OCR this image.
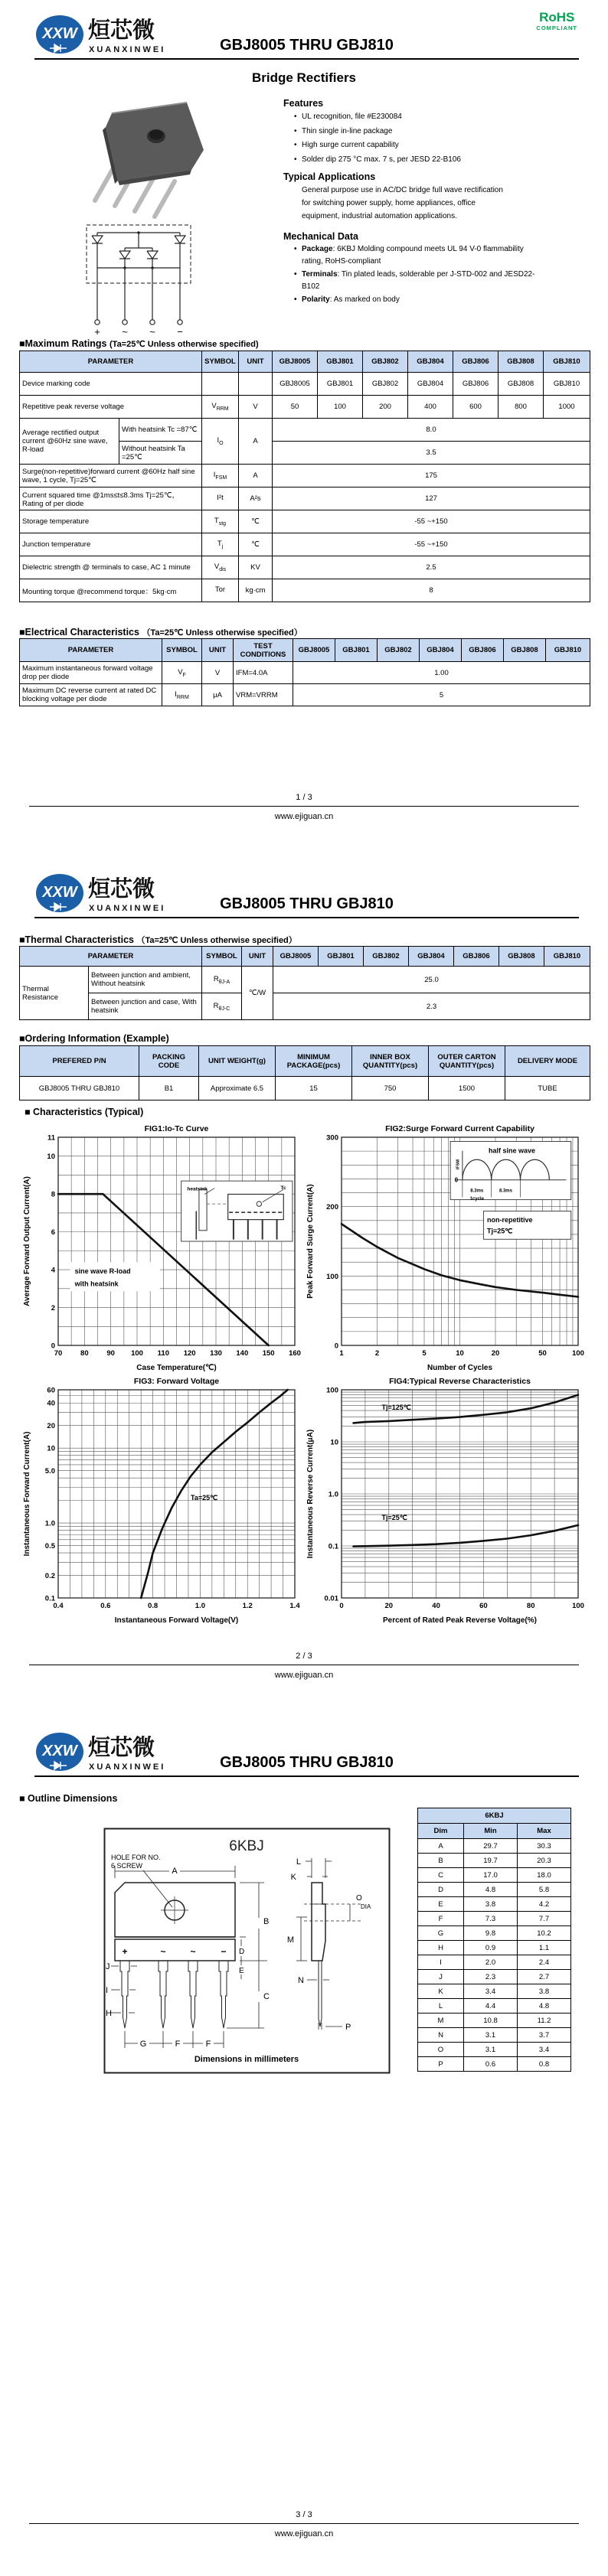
XXW 烜芯微
XUANXINWEI	GBJ8005 THRU GBJ810
RoHS
COMPLIANT
Bridge Rectifiers
+ ~ ~ −
Features
• UL recognition, file #E230084
• Thin single in-line package
• High surge current capability
• Solder dip 275 °C max. 7 s, per JESD 22-B106
Typical Applications
General purpose use in AC/DC bridge full wave rectification
for switching power supply, home appliances, office
equipment, industrial automation applications.
Mechanical Data
• Package: 6KBJ Molding compound meets UL 94 V-0 flammability rating, RoHS-compliant
• Terminals: Tin plated leads, solderable per J-STD-002 and JESD22-B102
• Polarity: As marked on body
■Maximum Ratings (Ta=25℃ Unless otherwise specified)
PARAMETER		SYMBOL	UNIT	GBJ8005	GBJ801	GBJ802	GBJ804	GBJ806	GBJ808	GBJ810
Device marking code				GBJ8005	GBJ801	GBJ802	GBJ804	GBJ806	GBJ808	GBJ810
Repetitive peak reverse voltage		$V_{RRM}$	V	50	100	200	400	600	800	1000
Average rectified output current @60Hz sine wave, R-load	With heatsink Tc =87℃	$I_O$	A	8.0						
	Without heatsink Ta =25℃			3.5						
Surge(non-repetitive)forward current @60Hz half sine wave, 1 cycle, Tj=25℃		$I_{FSM}$	A	175						
Current squared time @1ms≤t≤8.3ms Tj=25℃，Rating of per diode		I²t	A²s	127						
Storage temperature		$T_{stg}$	℃	-55 ~+150						
Junction temperature		$T_j$	℃	-55 ~+150						
Dielectric strength @ terminals to case, AC 1 minute		$V_{dis}$	KV	2.5						
Mounting torque @recommend torque：5kg·cm		Tor	kg·cm	8						
■Electrical Characteristics （Ta=25℃ Unless otherwise specified）
PARAMETER	SYMBOL	UNIT	TEST CONDITIONS	GBJ8005	GBJ801	GBJ802	GBJ804	GBJ806	GBJ808	GBJ810
Maximum instantaneous forward voltage drop per diode	$V_F$	V	IFM=4.0A	1.00						
Maximum DC reverse current at rated DC blocking voltage per diode	$I_{RRM}$	μA	VRM=VRRM	5						
1 / 3
www.ejiguan.cn
XXW 烜芯微
XUANXINWEI	GBJ8005 THRU GBJ810
■Thermal Characteristics （Ta=25℃ Unless otherwise specified）
PARAMETER		SYMBOL	UNIT	GBJ8005	GBJ801	GBJ802	GBJ804	GBJ806	GBJ808	GBJ810
Thermal Resistance	Between junction and ambient, Without heatsink	$R_{\theta J-A}$	℃/W	25.0						
	Between junction and case, With heatsink	$R_{\theta J-C}$		2.3						
■Ordering Information (Example)
PREFERED P/N	PACKING CODE	UNIT WEIGHT(g)	MINIMUM PACKAGE(pcs)	INNER BOX QUANTITY(pcs)	OUTER CARTON QUANTITY(pcs)	DELIVERY MODE
GBJ8005 THRU GBJ810	B1	Approximate 6.5	15	750	1500	TUBE
■ Characteristics (Typical)
70	80	90 100 110 120 130 140 150 160
0
2
4
6
8
10
11
Case Temperature(℃)
Average Forward Output Current(A)
FIG1:Io-Tc Curve
sine wave R-load
with heatsink
heatsink	Tc
1	2	5	10	20	50	100
0
100
200
300
Number of Cycles
Peak Forward Surge Current(A)
FIG2:Surge Forward Current Capability
half sine wave
0
8.3ms	8.3ms
1cycle
non-repetitive
Tj=25℃
IFSM
0.4	0.6	0.8	1.0	1.2	1.4
60
40
20
10
5.0
1.0
0.5
0.2
0.1
Instantaneous Forward Voltage(V)
Instantaneous Forward Current(A)
FIG3: Forward Voltage
Ta=25℃
0	20	40	60	80	100
100
10
1.0
0.1
0.01
Percent of Rated Peak Reverse Voltage(%)
Instantaneous Reverse Current(μA)
FIG4:Typical Reverse Characteristics
Tj=125℃
Tj=25℃
2 / 3
www.ejiguan.cn
XXW 烜芯微
XUANXINWEI	GBJ8005 THRU GBJ810
■ Outline Dimensions
6KBJ
HOLE FOR NO.
6 SCREW
+	~	~	−
A
B
C
D
E
G	F	F
J
I
H
L
K
M
N
O
DIA
P
Dimensions in millimeters
6KBJ		
Dim	Min	Max
A	29.7	30.3
B	19.7	20.3
C	17.0	18.0
D	4.8	5.8
E	3.8	4.2
F	7.3	7.7
G	9.8	10.2
H	0.9	1.1
I	2.0	2.4
J	2.3	2.7
K	3.4	3.8
L	4.4	4.8
M	10.8	11.2
N	3.1	3.7
O	3.1	3.4
P	0.6	0.8
3 / 3
www.ejiguan.cn
